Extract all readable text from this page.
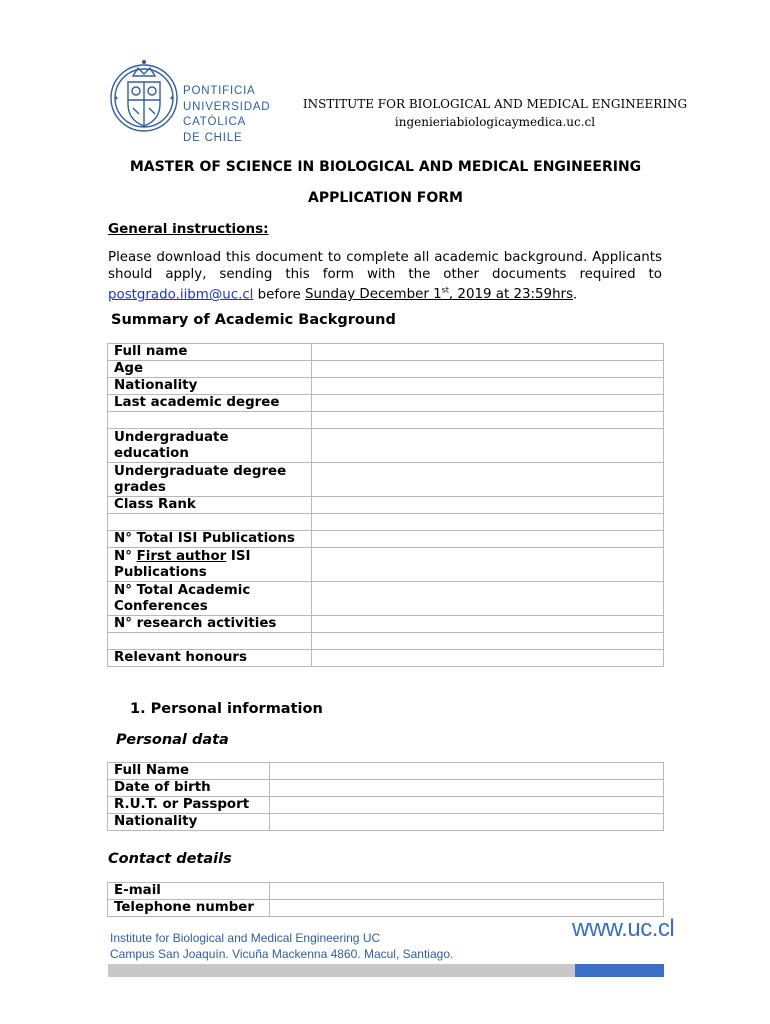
PONTIFICIA
UNIVERSIDAD
CATÓLICA
DE CHILE
INSTITUTE FOR BIOLOGICAL AND MEDICAL ENGINEERING
ingenieriabiologicaymedica.uc.cl
MASTER OF SCIENCE IN BIOLOGICAL AND MEDICAL ENGINEERING
APPLICATION FORM
General instructions:
Please download this document to complete all academic background. Applicants should apply, sending this form with the other documents required to postgrado.iibm@uc.cl before Sunday December 1st, 2019 at 23:59hrs.
Summary of Academic Background
Full name	
Age	
Nationality	
Last academic degree	

Undergraduate education	
Undergraduate degree grades	
Class Rank	

N° Total ISI Publications	
N° First author ISI Publications	
N° Total Academic Conferences	
N° research activities	

Relevant honours	
1. Personal information
Personal data
Full Name	
Date of birth	
R.U.T. or Passport	
Nationality	
Contact details
E-mail	
Telephone number	
Institute for Biological and Medical Engineering UC
Campus San Joaquín. Vicuña Mackenna 4860. Macul, Santiago.
www.uc.cl
